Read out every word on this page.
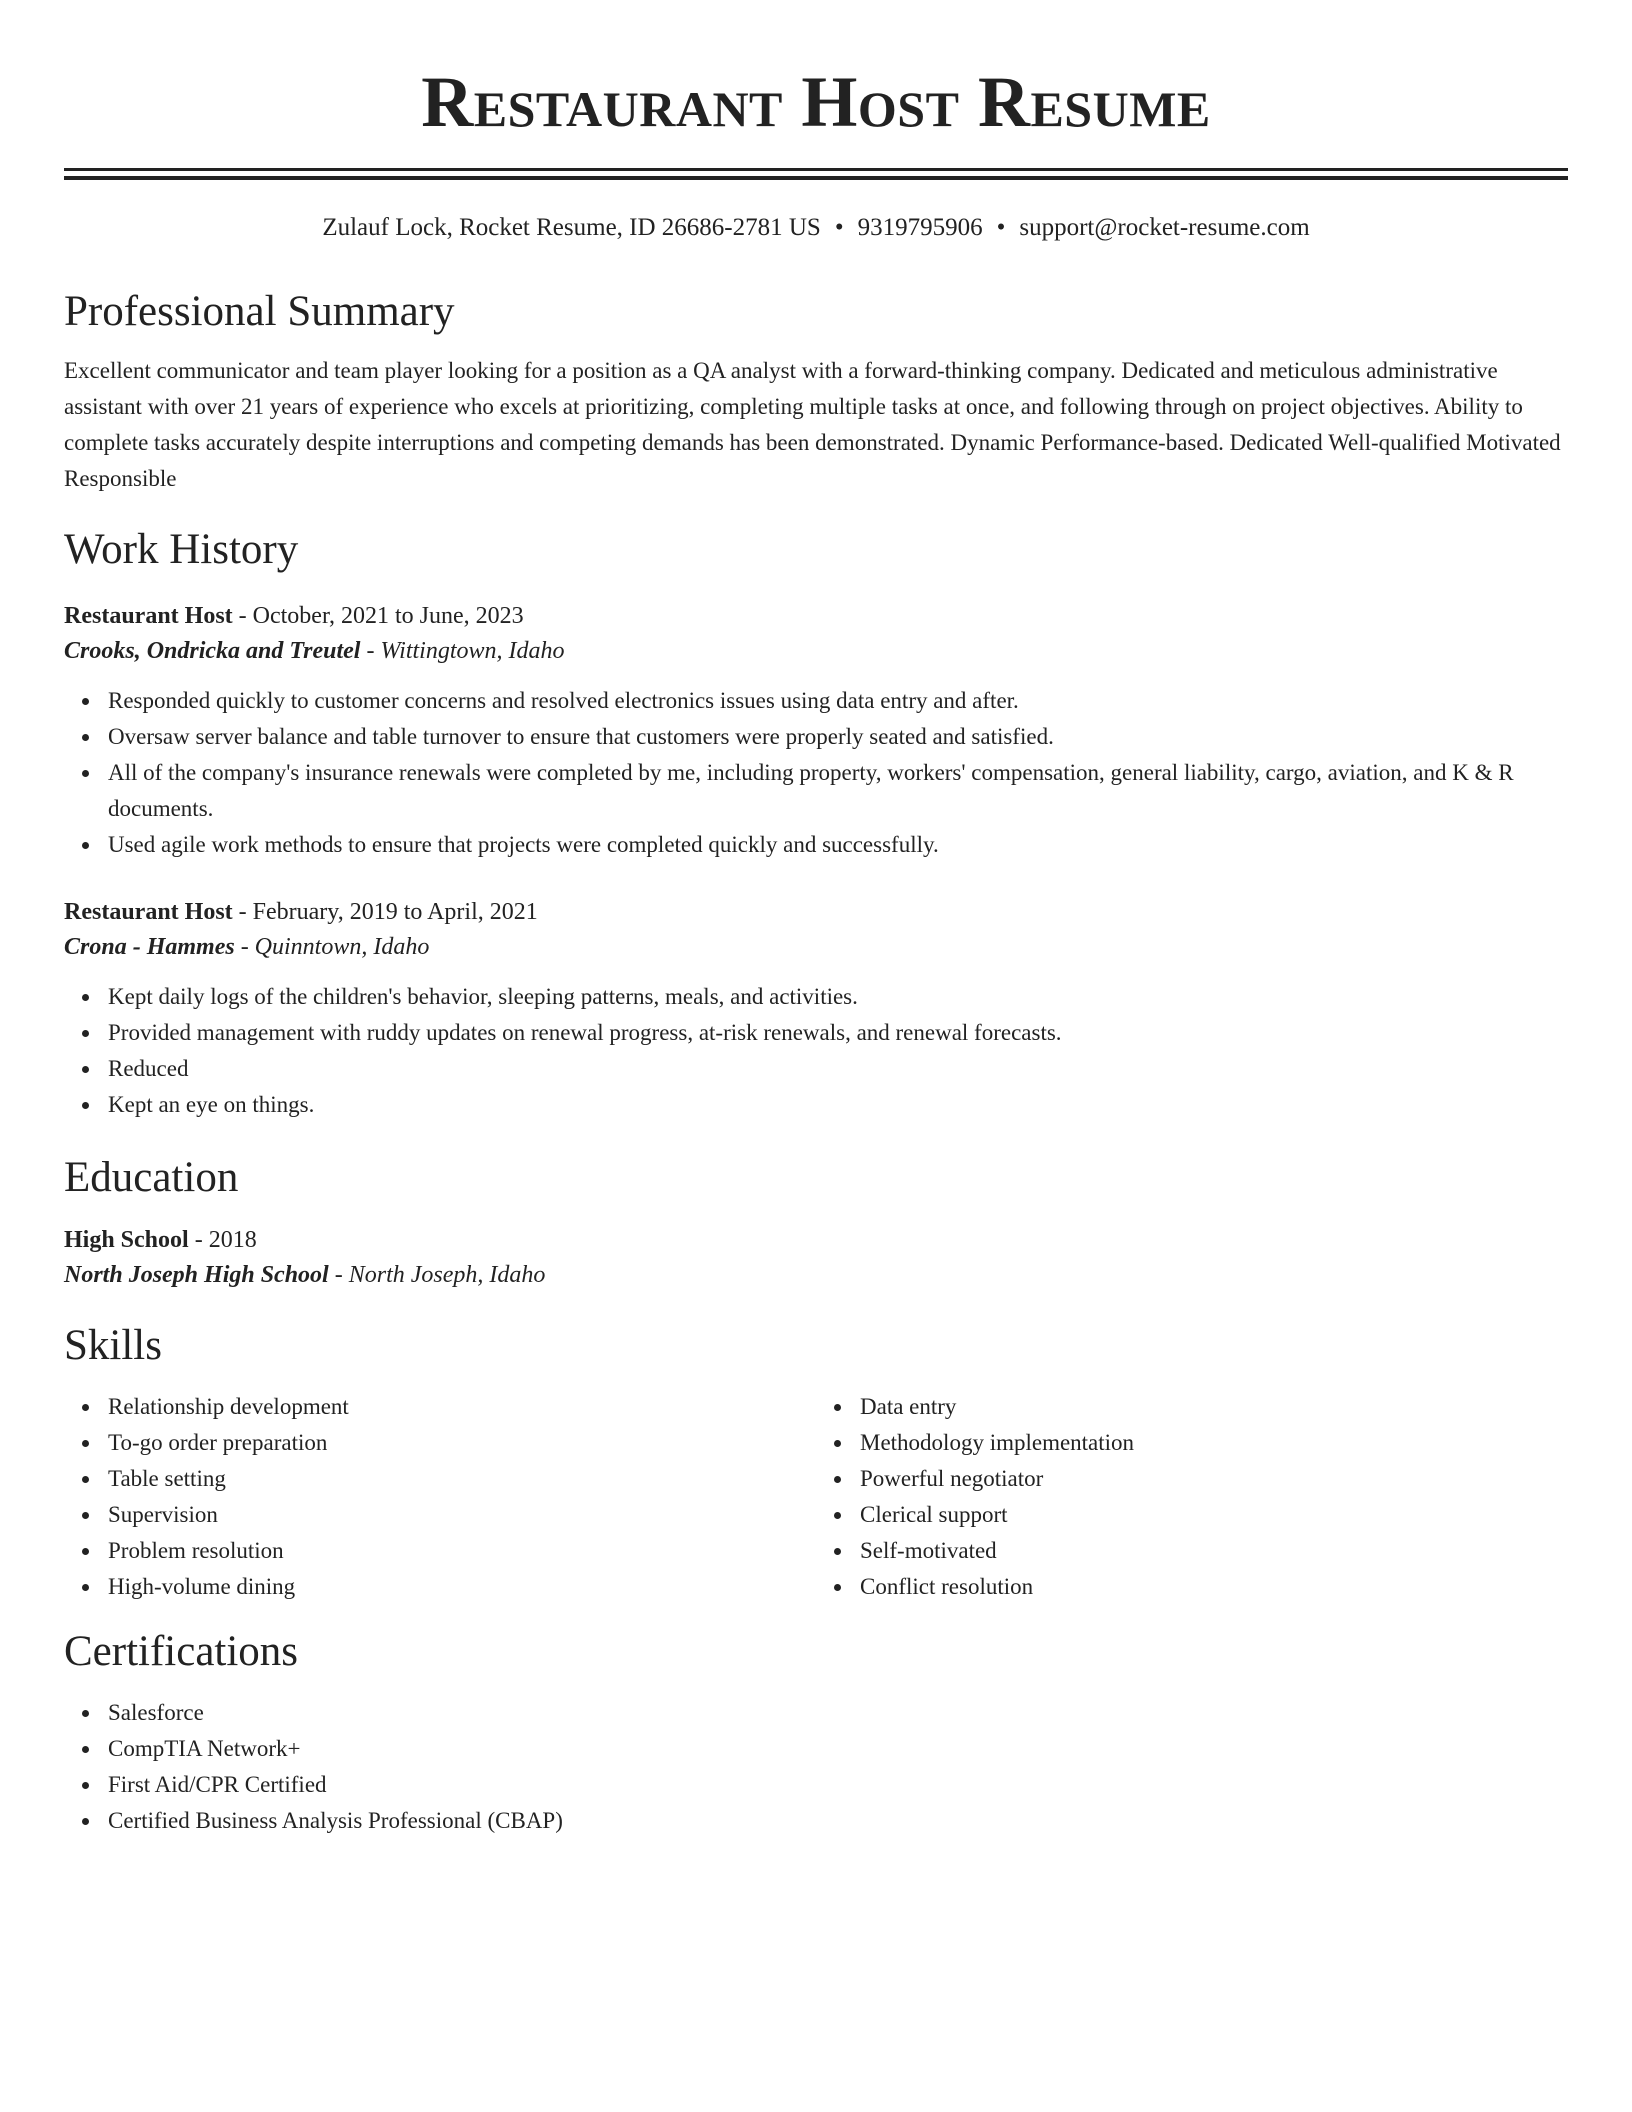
Restaurant Host Resume
Zulauf Lock, Rocket Resume, ID 26686-2781 US • 9319795906 • support@rocket-resume.com
Professional Summary
Excellent communicator and team player looking for a position as a QA analyst with a forward-thinking company. Dedicated and meticulous administrative assistant with over 21 years of experience who excels at prioritizing, completing multiple tasks at once, and following through on project objectives. Ability to complete tasks accurately despite interruptions and competing demands has been demonstrated. Dynamic Performance-based. Dedicated Well-qualified Motivated Responsible
Work History
Restaurant Host - October, 2021 to June, 2023
Crooks, Ondricka and Treutel - Wittingtown, Idaho
Responded quickly to customer concerns and resolved electronics issues using data entry and after.
Oversaw server balance and table turnover to ensure that customers were properly seated and satisfied.
All of the company's insurance renewals were completed by me, including property, workers' compensation, general liability, cargo, aviation, and K & R documents.
Used agile work methods to ensure that projects were completed quickly and successfully.
Restaurant Host - February, 2019 to April, 2021
Crona - Hammes - Quinntown, Idaho
Kept daily logs of the children's behavior, sleeping patterns, meals, and activities.
Provided management with ruddy updates on renewal progress, at-risk renewals, and renewal forecasts.
Reduced
Kept an eye on things.
Education
High School - 2018
North Joseph High School - North Joseph, Idaho
Skills
Relationship development
To-go order preparation
Table setting
Supervision
Problem resolution
High-volume dining
Data entry
Methodology implementation
Powerful negotiator
Clerical support
Self-motivated
Conflict resolution
Certifications
Salesforce
CompTIA Network+
First Aid/CPR Certified
Certified Business Analysis Professional (CBAP)
